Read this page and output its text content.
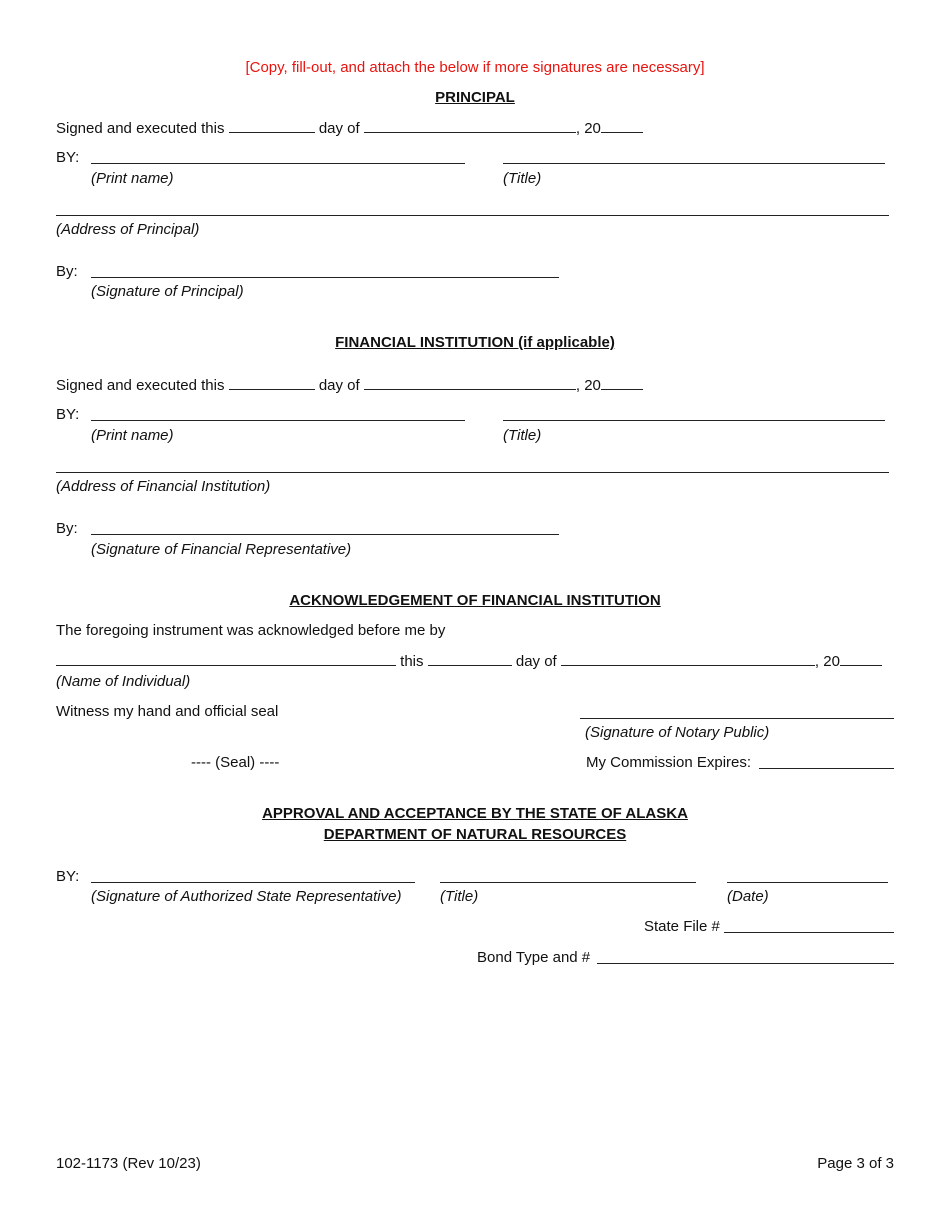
[Copy, fill-out, and attach the below if more signatures are necessary]
PRINCIPAL
Signed and executed this	day of	, 20
BY:
(Print name)	(Title)
(Address of Principal)
By:
(Signature of Principal)
FINANCIAL INSTITUTION (if applicable)
Signed and executed this	day of	, 20
BY:
(Print name)	(Title)
(Address of Financial Institution)
By:
(Signature of Financial Representative)
ACKNOWLEDGEMENT OF FINANCIAL INSTITUTION
The foregoing instrument was acknowledged before me by
this	day of	, 20
(Name of Individual)
Witness my hand and official seal
(Signature of Notary Public)
---- (Seal) ----	My Commission Expires:
APPROVAL AND ACCEPTANCE BY THE STATE OF ALASKA
DEPARTMENT OF NATURAL RESOURCES
BY:
(Signature of Authorized State Representative)	(Title)	(Date)
State File #
Bond Type and #
102-1173 (Rev 10/23)	Page 3 of 3
